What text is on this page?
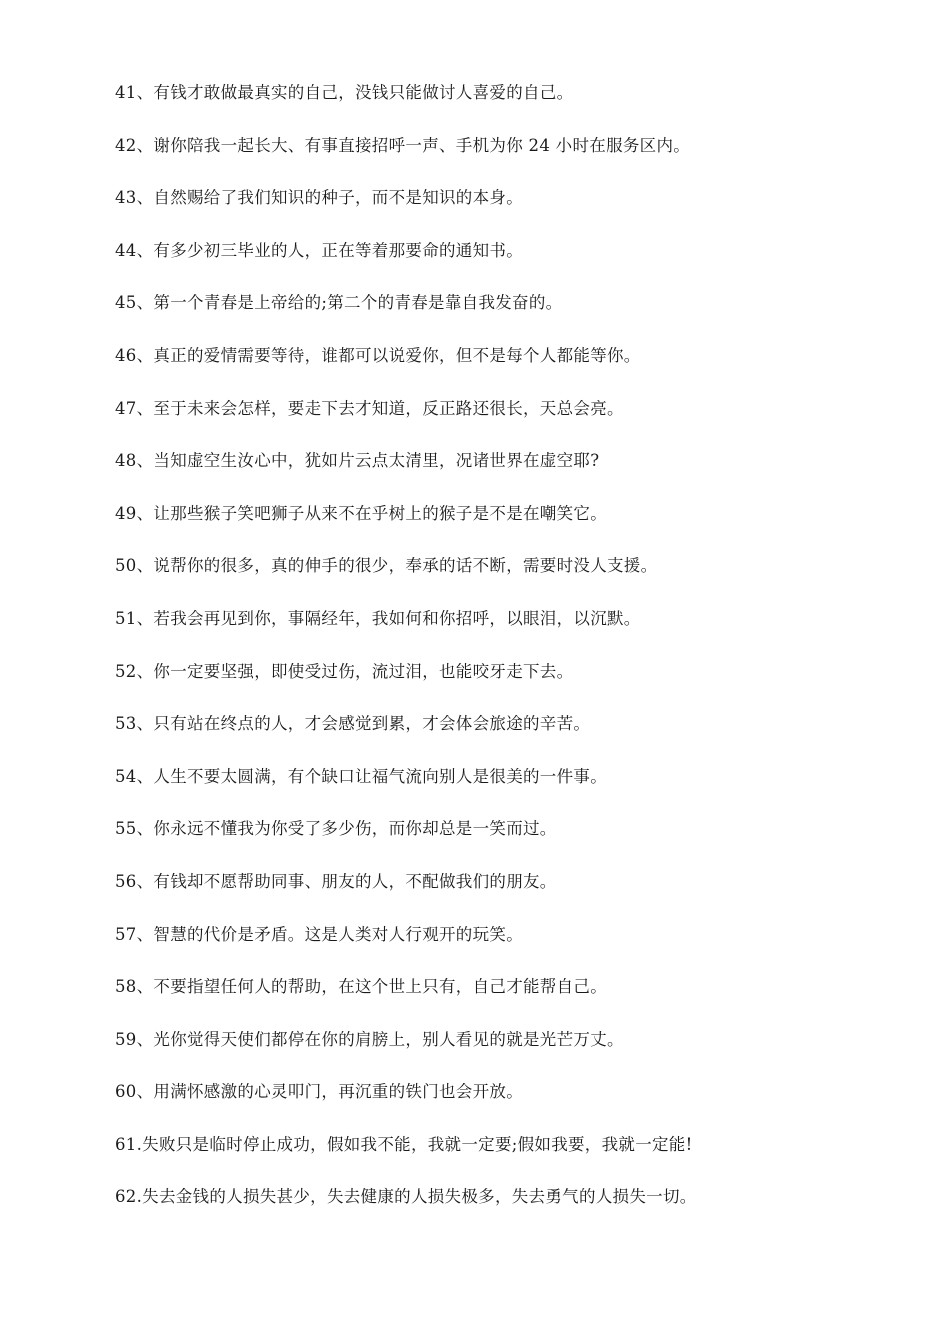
41、有钱才敢做最真实的自己，没钱只能做讨人喜爱的自己。
42、谢你陪我一起长大、有事直接招呼一声、手机为你 24 小时在服务区内。
43、自然赐给了我们知识的种子，而不是知识的本身。
44、有多少初三毕业的人，正在等着那要命的通知书。
45、第一个青春是上帝给的;第二个的青春是靠自我发奋的。
46、真正的爱情需要等待，谁都可以说爱你，但不是每个人都能等你。
47、至于未来会怎样，要走下去才知道，反正路还很长，天总会亮。
48、当知虚空生汝心中，犹如片云点太清里，况诸世界在虚空耶?
49、让那些猴子笑吧狮子从来不在乎树上的猴子是不是在嘲笑它。
50、说帮你的很多，真的伸手的很少，奉承的话不断，需要时没人支援。
51、若我会再见到你，事隔经年，我如何和你招呼，以眼泪，以沉默。
52、你一定要坚强，即使受过伤，流过泪，也能咬牙走下去。
53、只有站在终点的人，才会感觉到累，才会体会旅途的辛苦。
54、人生不要太圆满，有个缺口让福气流向别人是很美的一件事。
55、你永远不懂我为你受了多少伤，而你却总是一笑而过。
56、有钱却不愿帮助同事、朋友的人，不配做我们的朋友。
57、智慧的代价是矛盾。这是人类对人行观开的玩笑。
58、不要指望任何人的帮助，在这个世上只有，自己才能帮自己。
59、光你觉得天使们都停在你的肩膀上，别人看见的就是光芒万丈。
60、用满怀感激的心灵叩门，再沉重的铁门也会开放。
61.失败只是临时停止成功，假如我不能，我就一定要;假如我要，我就一定能!
62.失去金钱的人损失甚少，失去健康的人损失极多，失去勇气的人损失一切。
